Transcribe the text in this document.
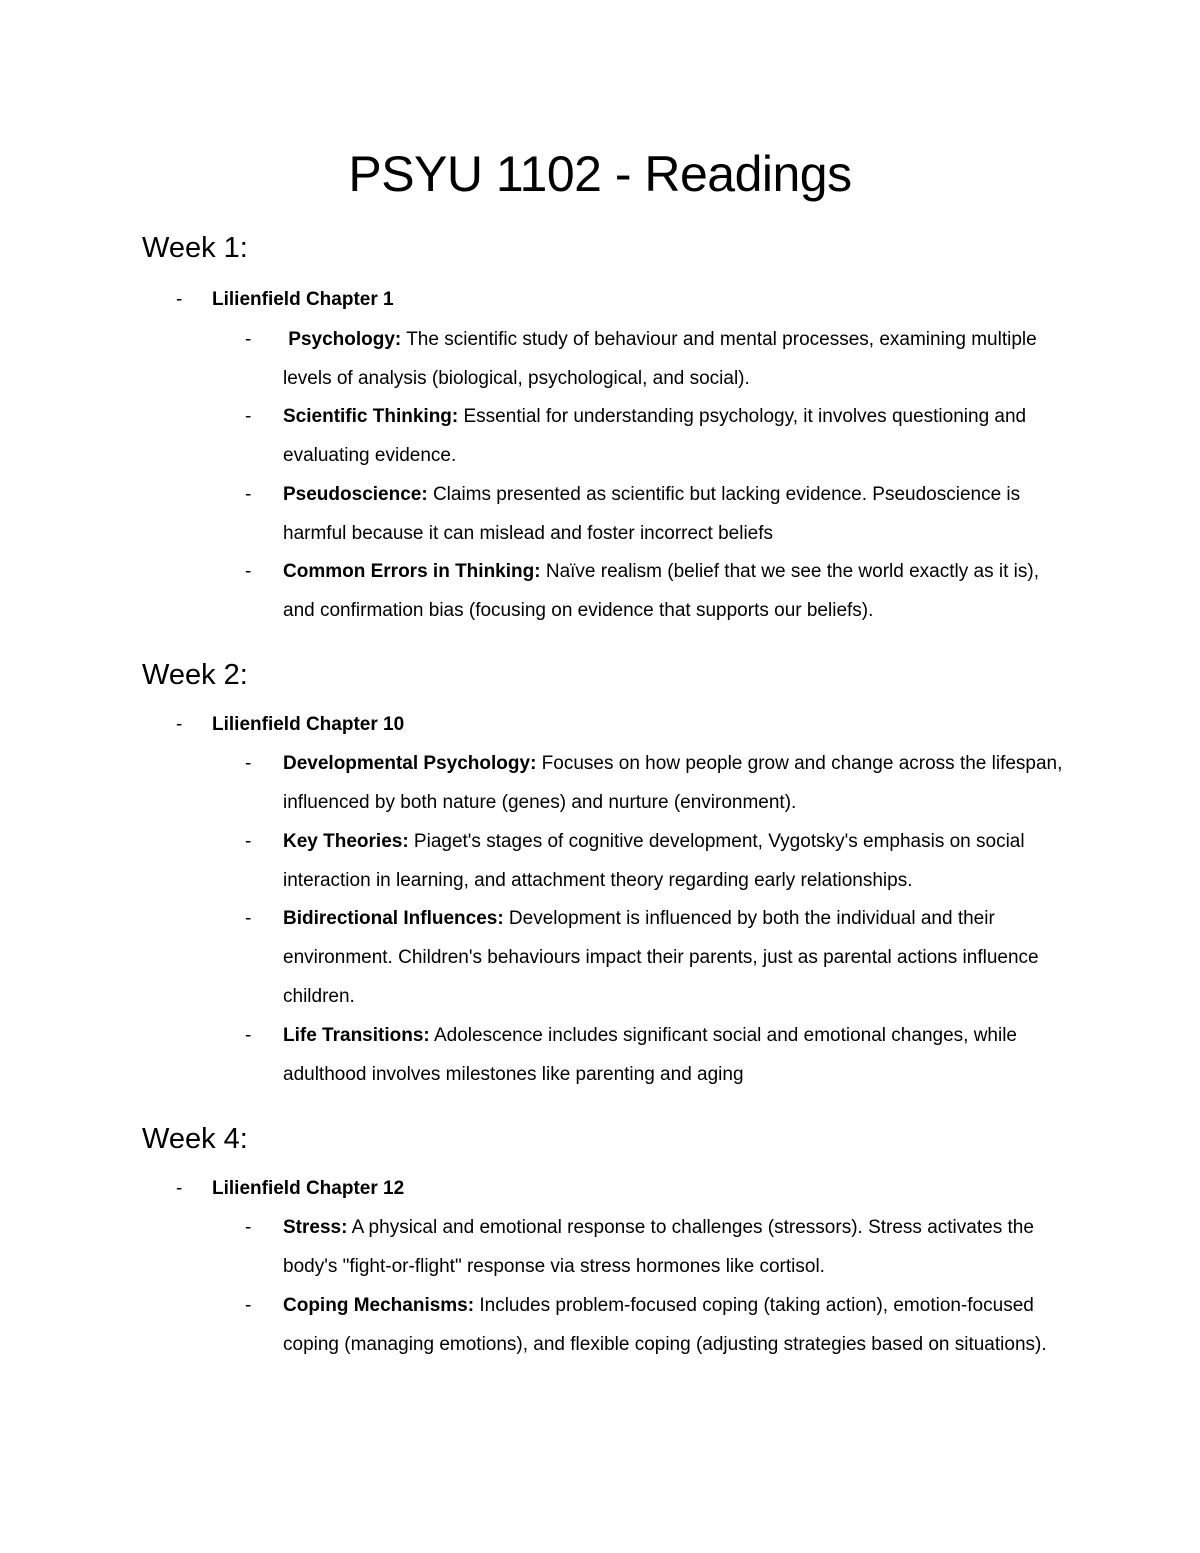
PSYU 1102 - Readings
Week 1:
- Lilienfield Chapter 1
-	Psychology: The scientific study of behaviour and mental processes, examining multiple levels of analysis (biological, psychological, and social).
-	Scientific Thinking: Essential for understanding psychology, it involves questioning and evaluating evidence.
-	Pseudoscience: Claims presented as scientific but lacking evidence. Pseudoscience is harmful because it can mislead and foster incorrect beliefs
-	Common Errors in Thinking: Naïve realism (belief that we see the world exactly as it is), and confirmation bias (focusing on evidence that supports our beliefs).
Week 2:
- Lilienfield Chapter 10
-	Developmental Psychology: Focuses on how people grow and change across the lifespan, influenced by both nature (genes) and nurture (environment).
-	Key Theories: Piaget's stages of cognitive development, Vygotsky's emphasis on social interaction in learning, and attachment theory regarding early relationships.
-	Bidirectional Influences: Development is influenced by both the individual and their environment. Children's behaviours impact their parents, just as parental actions influence children.
-	Life Transitions: Adolescence includes significant social and emotional changes, while adulthood involves milestones like parenting and aging
Week 4:
- Lilienfield Chapter 12
-	Stress: A physical and emotional response to challenges (stressors). Stress activates the body's "fight-or-flight" response via stress hormones like cortisol.
-	Coping Mechanisms: Includes problem-focused coping (taking action), emotion-focused coping (managing emotions), and flexible coping (adjusting strategies based on situations).
